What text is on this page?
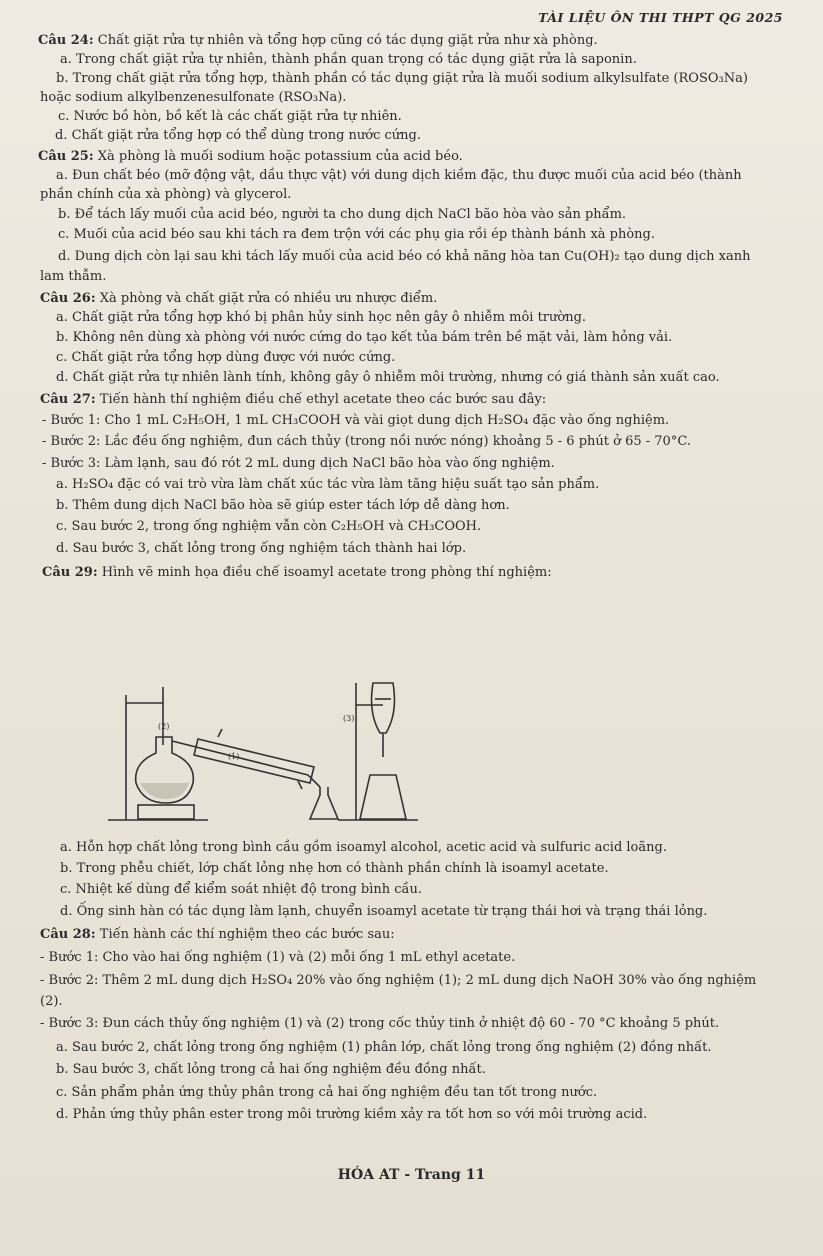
TÀI LIỆU ÔN THI THPT QG 2025
Câu 24: Chất giặt rửa tự nhiên và tổng hợp cũng có tác dụng giặt rửa như xà phòng.
a. Trong chất giặt rửa tự nhiên, thành phần quan trọng có tác dụng giặt rửa là saponin.
b. Trong chất giặt rửa tổng hợp, thành phần có tác dụng giặt rửa là muối sodium alkylsulfate (ROSO₃Na)
hoặc sodium alkylbenzenesulfonate (RSO₃Na).
c. Nước bồ hòn, bồ kết là các chất giặt rửa tự nhiên.
d. Chất giặt rửa tổng hợp có thể dùng trong nước cứng.
Câu 25: Xà phòng là muối sodium hoặc potassium của acid béo.
a. Đun chất béo (mỡ động vật, dầu thực vật) với dung dịch kiềm đặc, thu được muối của acid béo (thành
phần chính của xà phòng) và glycerol.
b. Để tách lấy muối của acid béo, người ta cho dung dịch NaCl bão hòa vào sản phẩm.
c. Muối của acid béo sau khi tách ra đem trộn với các phụ gia rồi ép thành bánh xà phòng.
d. Dung dịch còn lại sau khi tách lấy muối của acid béo có khả năng hòa tan Cu(OH)₂ tạo dung dịch xanh
lam thẫm.
Câu 26: Xà phòng và chất giặt rửa có nhiều ưu nhược điểm.
a. Chất giặt rửa tổng hợp khó bị phân hủy sinh học nên gây ô nhiễm môi trường.
b. Không nên dùng xà phòng với nước cứng do tạo kết tủa bám trên bề mặt vải, làm hỏng vải.
c. Chất giặt rửa tổng hợp dùng được với nước cứng.
d. Chất giặt rửa tự nhiên lành tính, không gây ô nhiễm môi trường, nhưng có giá thành sản xuất cao.
Câu 27: Tiến hành thí nghiệm điều chế ethyl acetate theo các bước sau đây:
- Bước 1: Cho 1 mL C₂H₅OH, 1 mL CH₃COOH và vài giọt dung dịch H₂SO₄ đặc vào ống nghiệm.
- Bước 2: Lắc đều ống nghiệm, đun cách thủy (trong nồi nước nóng) khoảng 5 - 6 phút ở 65 - 70°C.
- Bước 3: Làm lạnh, sau đó rót 2 mL dung dịch NaCl bão hòa vào ống nghiệm.
a. H₂SO₄ đặc có vai trò vừa làm chất xúc tác vừa làm tăng hiệu suất tạo sản phẩm.
b. Thêm dung dịch NaCl bão hòa sẽ giúp ester tách lớp dễ dàng hơn.
c. Sau bước 2, trong ống nghiệm vẫn còn C₂H₅OH và CH₃COOH.
d. Sau bước 3, chất lỏng trong ống nghiệm tách thành hai lớp.
Câu 29: Hình vẽ minh họa điều chế isoamyl acetate trong phòng thí nghiệm:
(2)
(1)
(3)
a. Hỗn hợp chất lỏng trong bình cầu gồm isoamyl alcohol, acetic acid và sulfuric acid loãng.
b. Trong phễu chiết, lớp chất lỏng nhẹ hơn có thành phần chính là isoamyl acetate.
c. Nhiệt kế dùng để kiểm soát nhiệt độ trong bình cầu.
d. Ống sinh hàn có tác dụng làm lạnh, chuyển isoamyl acetate từ trạng thái hơi và trạng thái lỏng.
Câu 28: Tiến hành các thí nghiệm theo các bước sau:
- Bước 1: Cho vào hai ống nghiệm (1) và (2) mỗi ống 1 mL ethyl acetate.
- Bước 2: Thêm 2 mL dung dịch H₂SO₄ 20% vào ống nghiệm (1); 2 mL dung dịch NaOH 30% vào ống nghiệm
(2).
- Bước 3: Đun cách thủy ống nghiệm (1) và (2) trong cốc thủy tinh ở nhiệt độ 60 - 70 °C khoảng 5 phút.
a. Sau bước 2, chất lỏng trong ống nghiệm (1) phân lớp, chất lỏng trong ống nghiệm (2) đồng nhất.
b. Sau bước 3, chất lỏng trong cả hai ống nghiệm đều đồng nhất.
c. Sản phẩm phản ứng thủy phân trong cả hai ống nghiệm đều tan tốt trong nước.
d. Phản ứng thủy phân ester trong môi trường kiềm xảy ra tốt hơn so với môi trường acid.
HÓA AT - Trang 11
